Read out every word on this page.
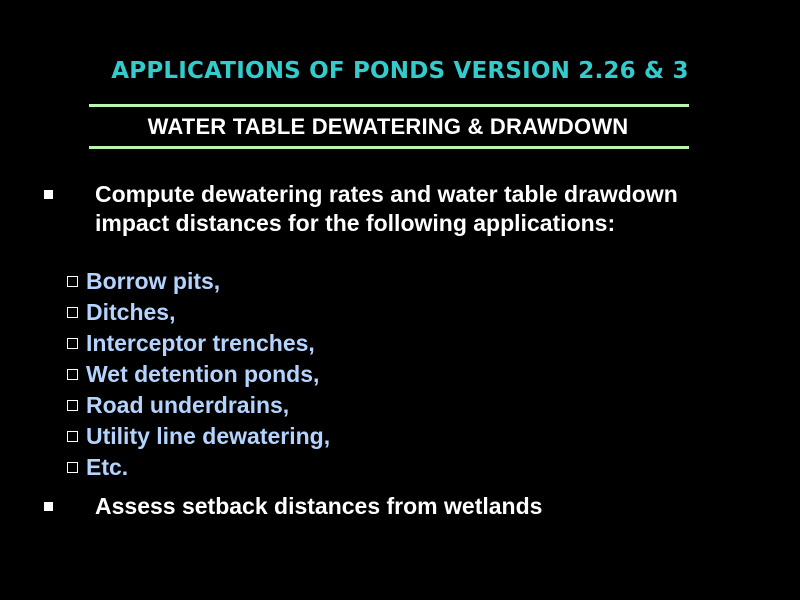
APPLICATIONS OF PONDS VERSION 2.26 & 3
WATER TABLE DEWATERING & DRAWDOWN
Compute dewatering rates and water table drawdown impact distances for the following applications:
Borrow pits,
Ditches,
Interceptor trenches,
Wet detention ponds,
Road underdrains,
Utility line dewatering,
Etc.
Assess setback distances from wetlands
